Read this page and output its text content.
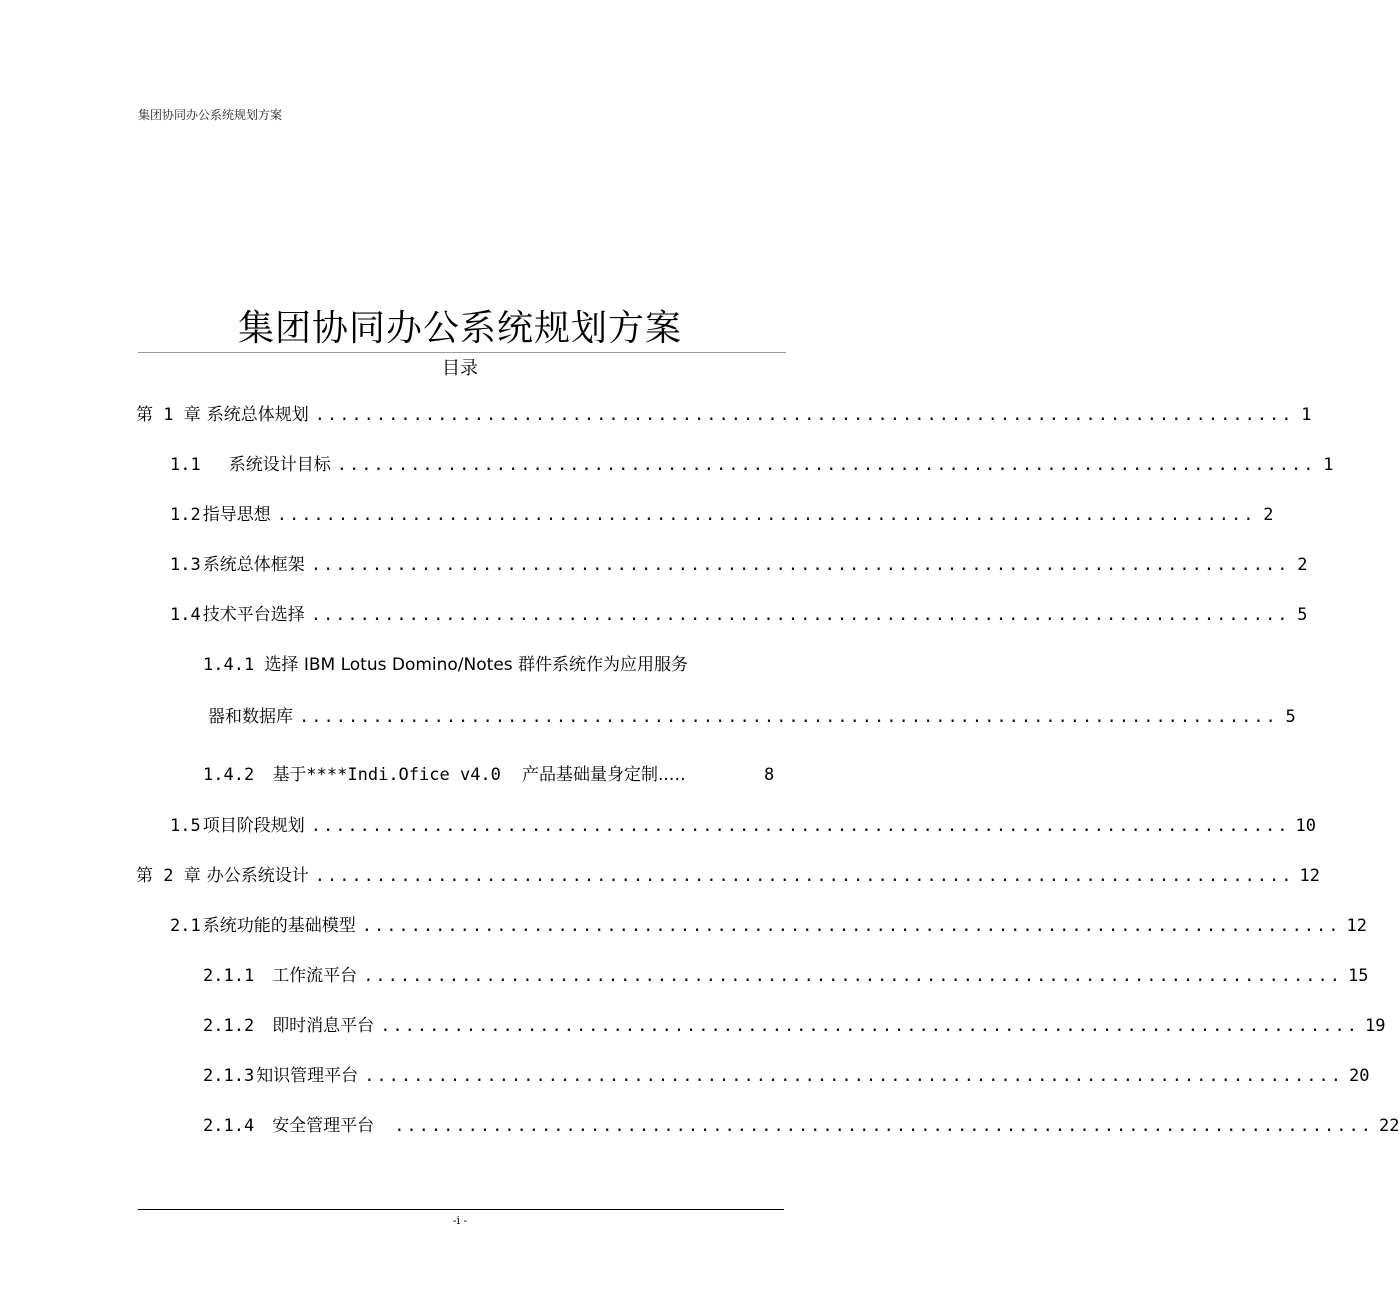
集团协同办公系统规划方案
集团协同办公系统规划方案
目录
第 1 章 系统总体规划 ................................................................................ 1
1.1 系统设计目标 ................................................................................ 1
1.2 指导思想 ................................................................................ 2
1.3 系统总体框架 ................................................................................ 2
1.4 技术平台选择 ................................................................................ 5
1.4.1 选择 IBM Lotus Domino/Notes 群件系统作为应用服务
器和数据库 ................................................................................ 5
1.4.2 基于****Indi.Ofice v4.0 产品基础量身定制..…	8
1.5 项目阶段规划 ................................................................................ 10
第 2 章 办公系统设计 ................................................................................ 12
2.1 系统功能的基础模型 ................................................................................ 12
2.1.1 工作流平台 ................................................................................ 15
2.1.2 即时消息平台 ................................................................................ 19
2.1.3 知识管理平台 ................................................................................ 20
2.1.4 安全管理平台 ................................................................................ 22
-i -
